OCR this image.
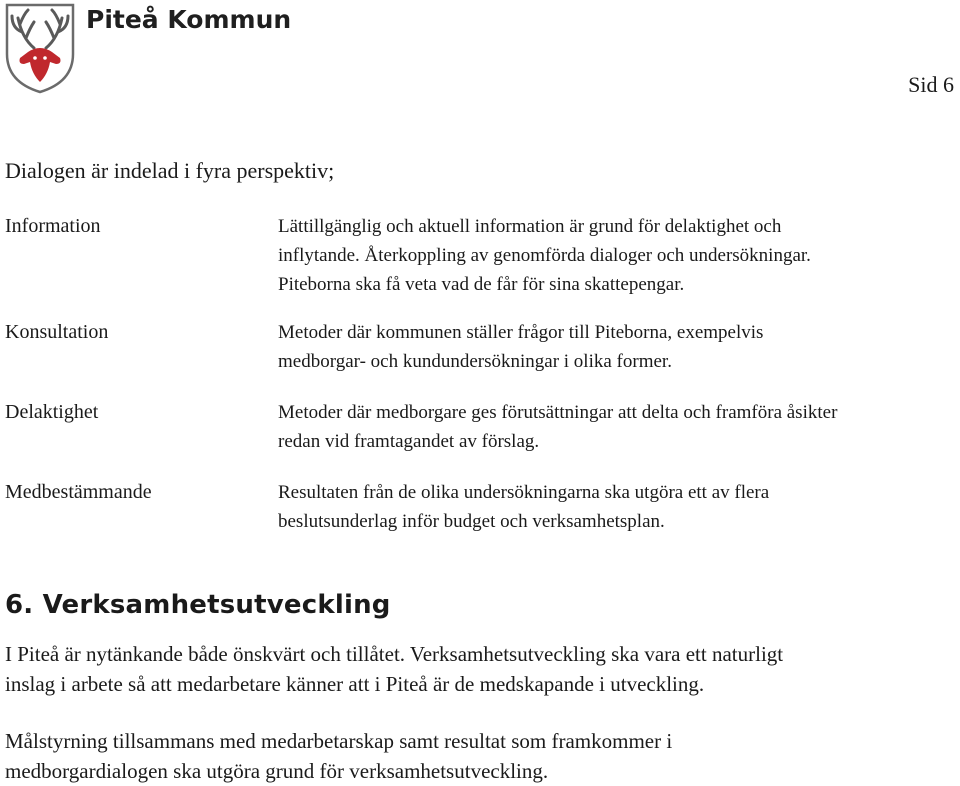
Piteå Kommun
Sid 6
Dialogen är indelad i fyra perspektiv;
Information	Lättillgänglig och aktuell information är grund för delaktighet och
inflytande. Återkoppling av genomförda dialoger och undersökningar.
Piteborna ska få veta vad de får för sina skattepengar.
Konsultation	Metoder där kommunen ställer frågor till Piteborna, exempelvis
medborgar- och kundundersökningar i olika former.
Delaktighet	Metoder där medborgare ges förutsättningar att delta och framföra åsikter
redan vid framtagandet av förslag.
Medbestämmande	Resultaten från de olika undersökningarna ska utgöra ett av flera
beslutsunderlag inför budget och verksamhetsplan.
6. Verksamhetsutveckling
I Piteå är nytänkande både önskvärt och tillåtet. Verksamhetsutveckling ska vara ett naturligt
inslag i arbete så att medarbetare känner att i Piteå är de medskapande i utveckling.
Målstyrning tillsammans med medarbetarskap samt resultat som framkommer i
medborgardialogen ska utgöra grund för verksamhetsutveckling.
